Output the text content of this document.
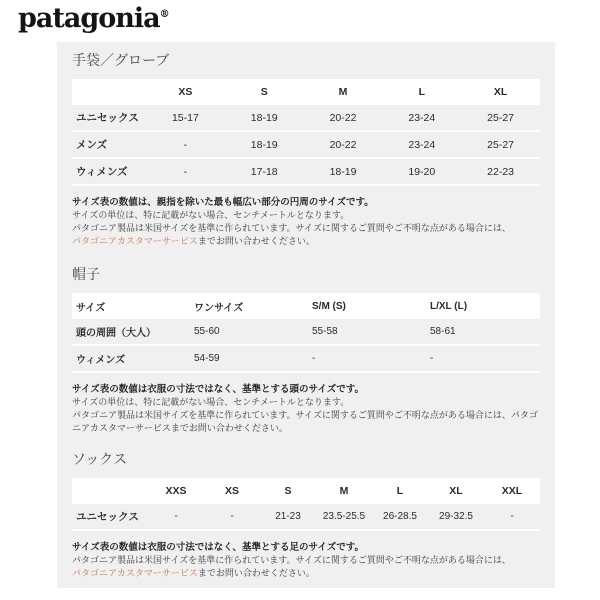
patagonia®
手袋／グローブ
	XS	S	M	L	XL
ユニセックス	15-17	18-19	20-22	23-24	25-27
メンズ	-	18-19	20-22	23-24	25-27
ウィメンズ	-	17-18	18-19	19-20	22-23

サイズ表の数値は、親指を除いた最も幅広い部分の円周のサイズです。

サイズの単位は、特に記載がない場合、センチメートルとなります。

パタゴニア製品は米国サイズを基準に作られています。サイズに関するご質問やご不明な点がある場合には、

パタゴニアカスタマーサービスまでお問い合わせください。

帽子
サイズ	ワンサイズ	S/M (S)	L/XL (L)
頭の周囲（大人）	55-60	55-58	58-61
ウィメンズ	54-59	-	-

サイズ表の数値は衣服の寸法ではなく、基準とする頭のサイズです。

サイズの単位は、特に記載がない場合、センチメートルとなります。

パタゴニア製品は米国サイズを基準に作られています。サイズに関するご質問やご不明な点がある場合には、パタゴニアカスタマーサービスまでお問い合わせください。

ソックス
	XXS	XS	S	M	L	XL	XXL
ユニセックス	-	-	21-23	23.5-25.5	26-28.5	29-32.5	-

サイズ表の数値は衣服の寸法ではなく、基準とする足のサイズです。

パタゴニア製品は米国サイズを基準に作られています。サイズに関するご質問やご不明な点がある場合には、

パタゴニアカスタマーサービスまでお問い合わせください。
